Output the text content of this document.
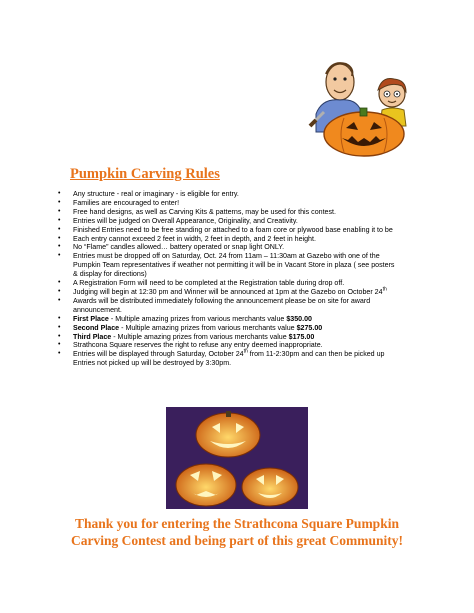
Pumpkin Carving Rules
• Any structure - real or imaginary - is eligible for entry.
• Families are encouraged to enter!
• Free hand designs, as well as Carving Kits & patterns, may be used for this contest.
• Entries will be judged on Overall Appearance, Originality, and Creativity.
• Finished Entries need to be free standing or attached to a foam core or plywood base enabling it to be
• Each entry cannot exceed 2 feet in width, 2 feet in depth, and 2 feet in height.
• No “Flame” candles allowed… battery operated or snap light ONLY.
• Entries must be dropped off on Saturday, Oct. 24 from 11am – 11:30am at Gazebo with one of the Pumpkin Team representatives if weather not permitting it will be in Vacant Store in plaza ( see posters & display for directions)
• A Registration Form will need to be completed at the Registration table during drop off.
• Judging will begin at 12:30 pm and Winner will be announced at 1pm at the Gazebo on October 24th
• Awards will be distributed immediately following the announcement please be on site for award announcement.
• First Place - Multiple amazing prizes from various merchants value $350.00
• Second Place - Multiple amazing prizes from various merchants value $275.00
• Third Place - Multiple amazing prizes from various merchants value $175.00
• Strathcona Square reserves the right to refuse any entry deemed inappropriate.
• Entries will be displayed through Saturday, October 24th from 11-2:30pm and can then be picked up Entries not picked up will be destroyed by 3:30pm.

Thank you for entering the Strathcona Square Pumpkin Carving Contest and being part of this great Community!
